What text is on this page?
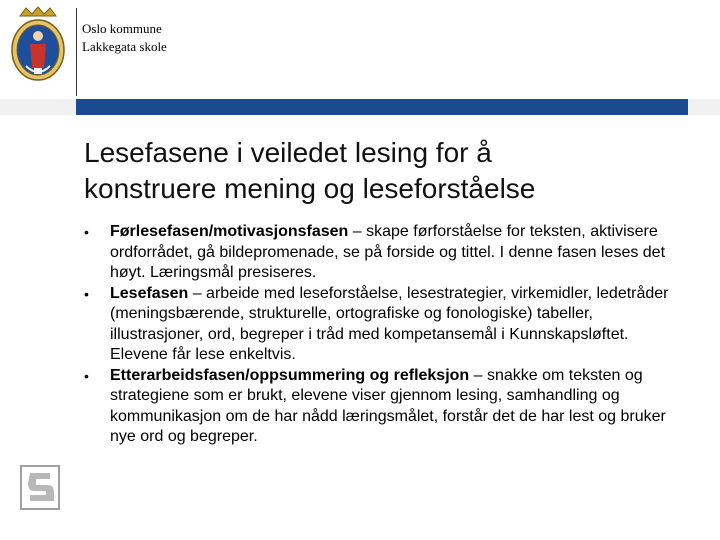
Oslo kommune
Lakkegata skole
Lesefasene i veiledet lesing for å
konstruere mening og leseforståelse
•	Førlesefasen/motivasjonsfasen – skape førforståelse for teksten, aktivisere ordforrådet, gå bildepromenade, se på forside og tittel. I denne fasen leses det høyt. Læringsmål presiseres.
•	Lesefasen – arbeide med leseforståelse, lesestrategier, virkemidler, ledetråder (meningsbærende, strukturelle, ortografiske og fonologiske) tabeller, illustrasjoner, ord, begreper i tråd med kompetansemål i Kunnskapsløftet. Elevene får lese enkeltvis.
•	Etterarbeidsfasen/oppsummering og refleksjon – snakke om teksten og strategiene som er brukt, elevene viser gjennom lesing, samhandling og kommunikasjon om de har nådd læringsmålet, forstår det de har lest og bruker nye ord og begreper.
